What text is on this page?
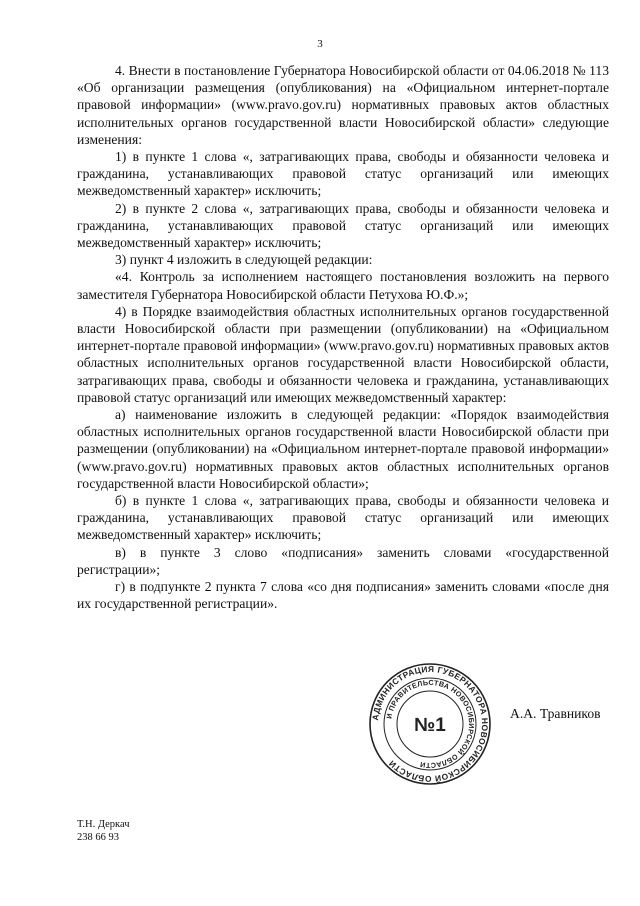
3

4. Внести в постановление Губернатора Новосибирской области от 04.06.2018 № 113 «Об организации размещения (опубликования) на «Официальном интернет-портале правовой информации» (www.pravo.gov.ru) нормативных правовых актов областных исполнительных органов государственной власти Новосибирской области» следующие изменения:

1) в пункте 1 слова «, затрагивающих права, свободы и обязанности человека и гражданина, устанавливающих правовой статус организаций или имеющих межведомственный характер» исключить;

2) в пункте 2 слова «, затрагивающих права, свободы и обязанности человека и гражданина, устанавливающих правовой статус организаций или имеющих межведомственный характер» исключить;

3) пункт 4 изложить в следующей редакции:

«4. Контроль за исполнением настоящего постановления возложить на первого заместителя Губернатора Новосибирской области Петухова Ю.Ф.»;

4) в Порядке взаимодействия областных исполнительных органов государственной власти Новосибирской области при размещении (опубликовании) на «Официальном интернет-портале правовой информации» (www.pravo.gov.ru) нормативных правовых актов областных исполнительных органов государственной власти Новосибирской области, затрагивающих права, свободы и обязанности человека и гражданина, устанавливающих правовой статус организаций или имеющих межведомственный характер:

а) наименование изложить в следующей редакции: «Порядок взаимодействия областных исполнительных органов государственной власти Новосибирской области при размещении (опубликовании) на «Официальном интернет-портале правовой информации» (www.pravo.gov.ru) нормативных правовых актов областных исполнительных органов государственной власти Новосибирской области»;

б) в пункте 1 слова «, затрагивающих права, свободы и обязанности человека и гражданина, устанавливающих правовой статус организаций или имеющих межведомственный характер» исключить;

в) в пункте 3 слово «подписания» заменить словами «государственной регистрации»;

г) в подпункте 2 пункта 7 слова «со дня подписания» заменить словами «после дня их государственной регистрации».

АДМИНИСТРАЦИЯ ГУБЕРНАТОРА НОВОСИБИРСКОЙ ОБЛАСТИ
И ПРАВИТЕЛЬСТВА НОВОСИБИРСКОЙ ОБЛАСТИ
№1
А.А. Травников
Т.Н. Деркач
238 66 93
